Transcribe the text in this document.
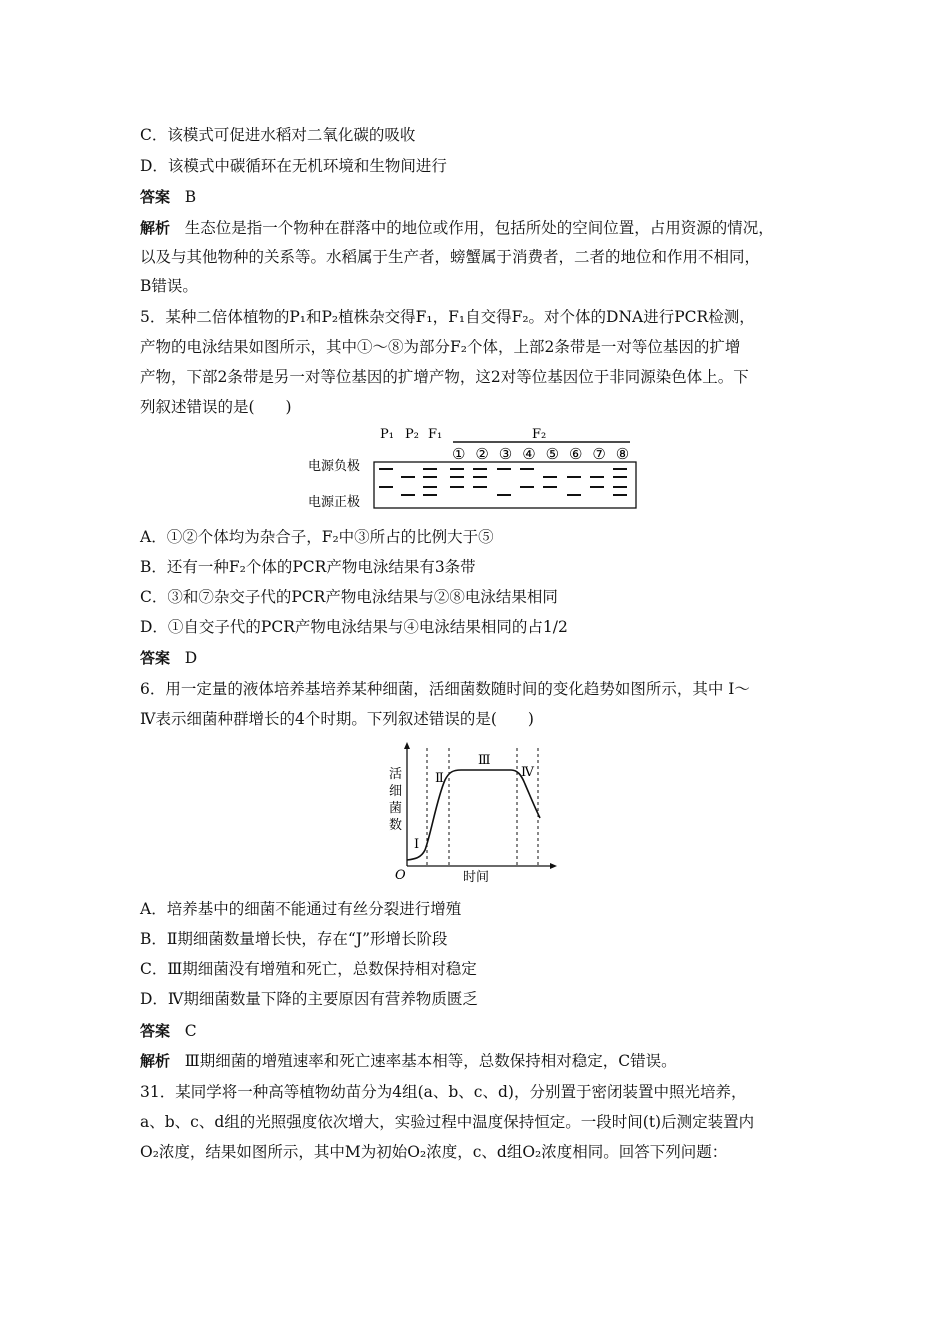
C．该模式可促进水稻对二氧化碳的吸收
D．该模式中碳循环在无机环境和生物间进行
答案 B
解析 生态位是指一个物种在群落中的地位或作用，包括所处的空间位置，占用资源的情况，
以及与其他物种的关系等。水稻属于生产者，螃蟹属于消费者，二者的地位和作用不相同，
B错误。
5．某种二倍体植物的P₁和P₂植株杂交得F₁，F₁自交得F₂。对个体的DNA进行PCR检测，
产物的电泳结果如图所示，其中①～⑧为部分F₂个体，上部2条带是一对等位基因的扩增
产物，下部2条带是另一对等位基因的扩增产物，这2对等位基因位于非同源染色体上。下
列叙述错误的是(　　)
P₁ P₂ F₁	F₂
① ② ③ ④ ⑤ ⑥ ⑦ ⑧
电源负极
电源正极
A．①②个体均为杂合子，F₂中③所占的比例大于⑤
B．还有一种F₂个体的PCR产物电泳结果有3条带
C．③和⑦杂交子代的PCR产物电泳结果与②⑧电泳结果相同
D．①自交子代的PCR产物电泳结果与④电泳结果相同的占1/2
答案 D
6．用一定量的液体培养基培养某种细菌，活细菌数随时间的变化趋势如图所示，其中 Ⅰ～
Ⅳ表示细菌种群增长的4个时期。下列叙述错误的是(　　)
活
细
菌
数
O	时间
Ⅰ
Ⅱ
Ⅲ
Ⅳ
A．培养基中的细菌不能通过有丝分裂进行增殖
B．Ⅱ期细菌数量增长快，存在“J”形增长阶段
C．Ⅲ期细菌没有增殖和死亡，总数保持相对稳定
D．Ⅳ期细菌数量下降的主要原因有营养物质匮乏
答案 C
解析 Ⅲ期细菌的增殖速率和死亡速率基本相等，总数保持相对稳定，C错误。
31．某同学将一种高等植物幼苗分为4组(a、b、c、d)，分别置于密闭装置中照光培养，
a、b、c、d组的光照强度依次增大，实验过程中温度保持恒定。一段时间(t)后测定装置内
O₂浓度，结果如图所示，其中M为初始O₂浓度，c、d组O₂浓度相同。回答下列问题：
